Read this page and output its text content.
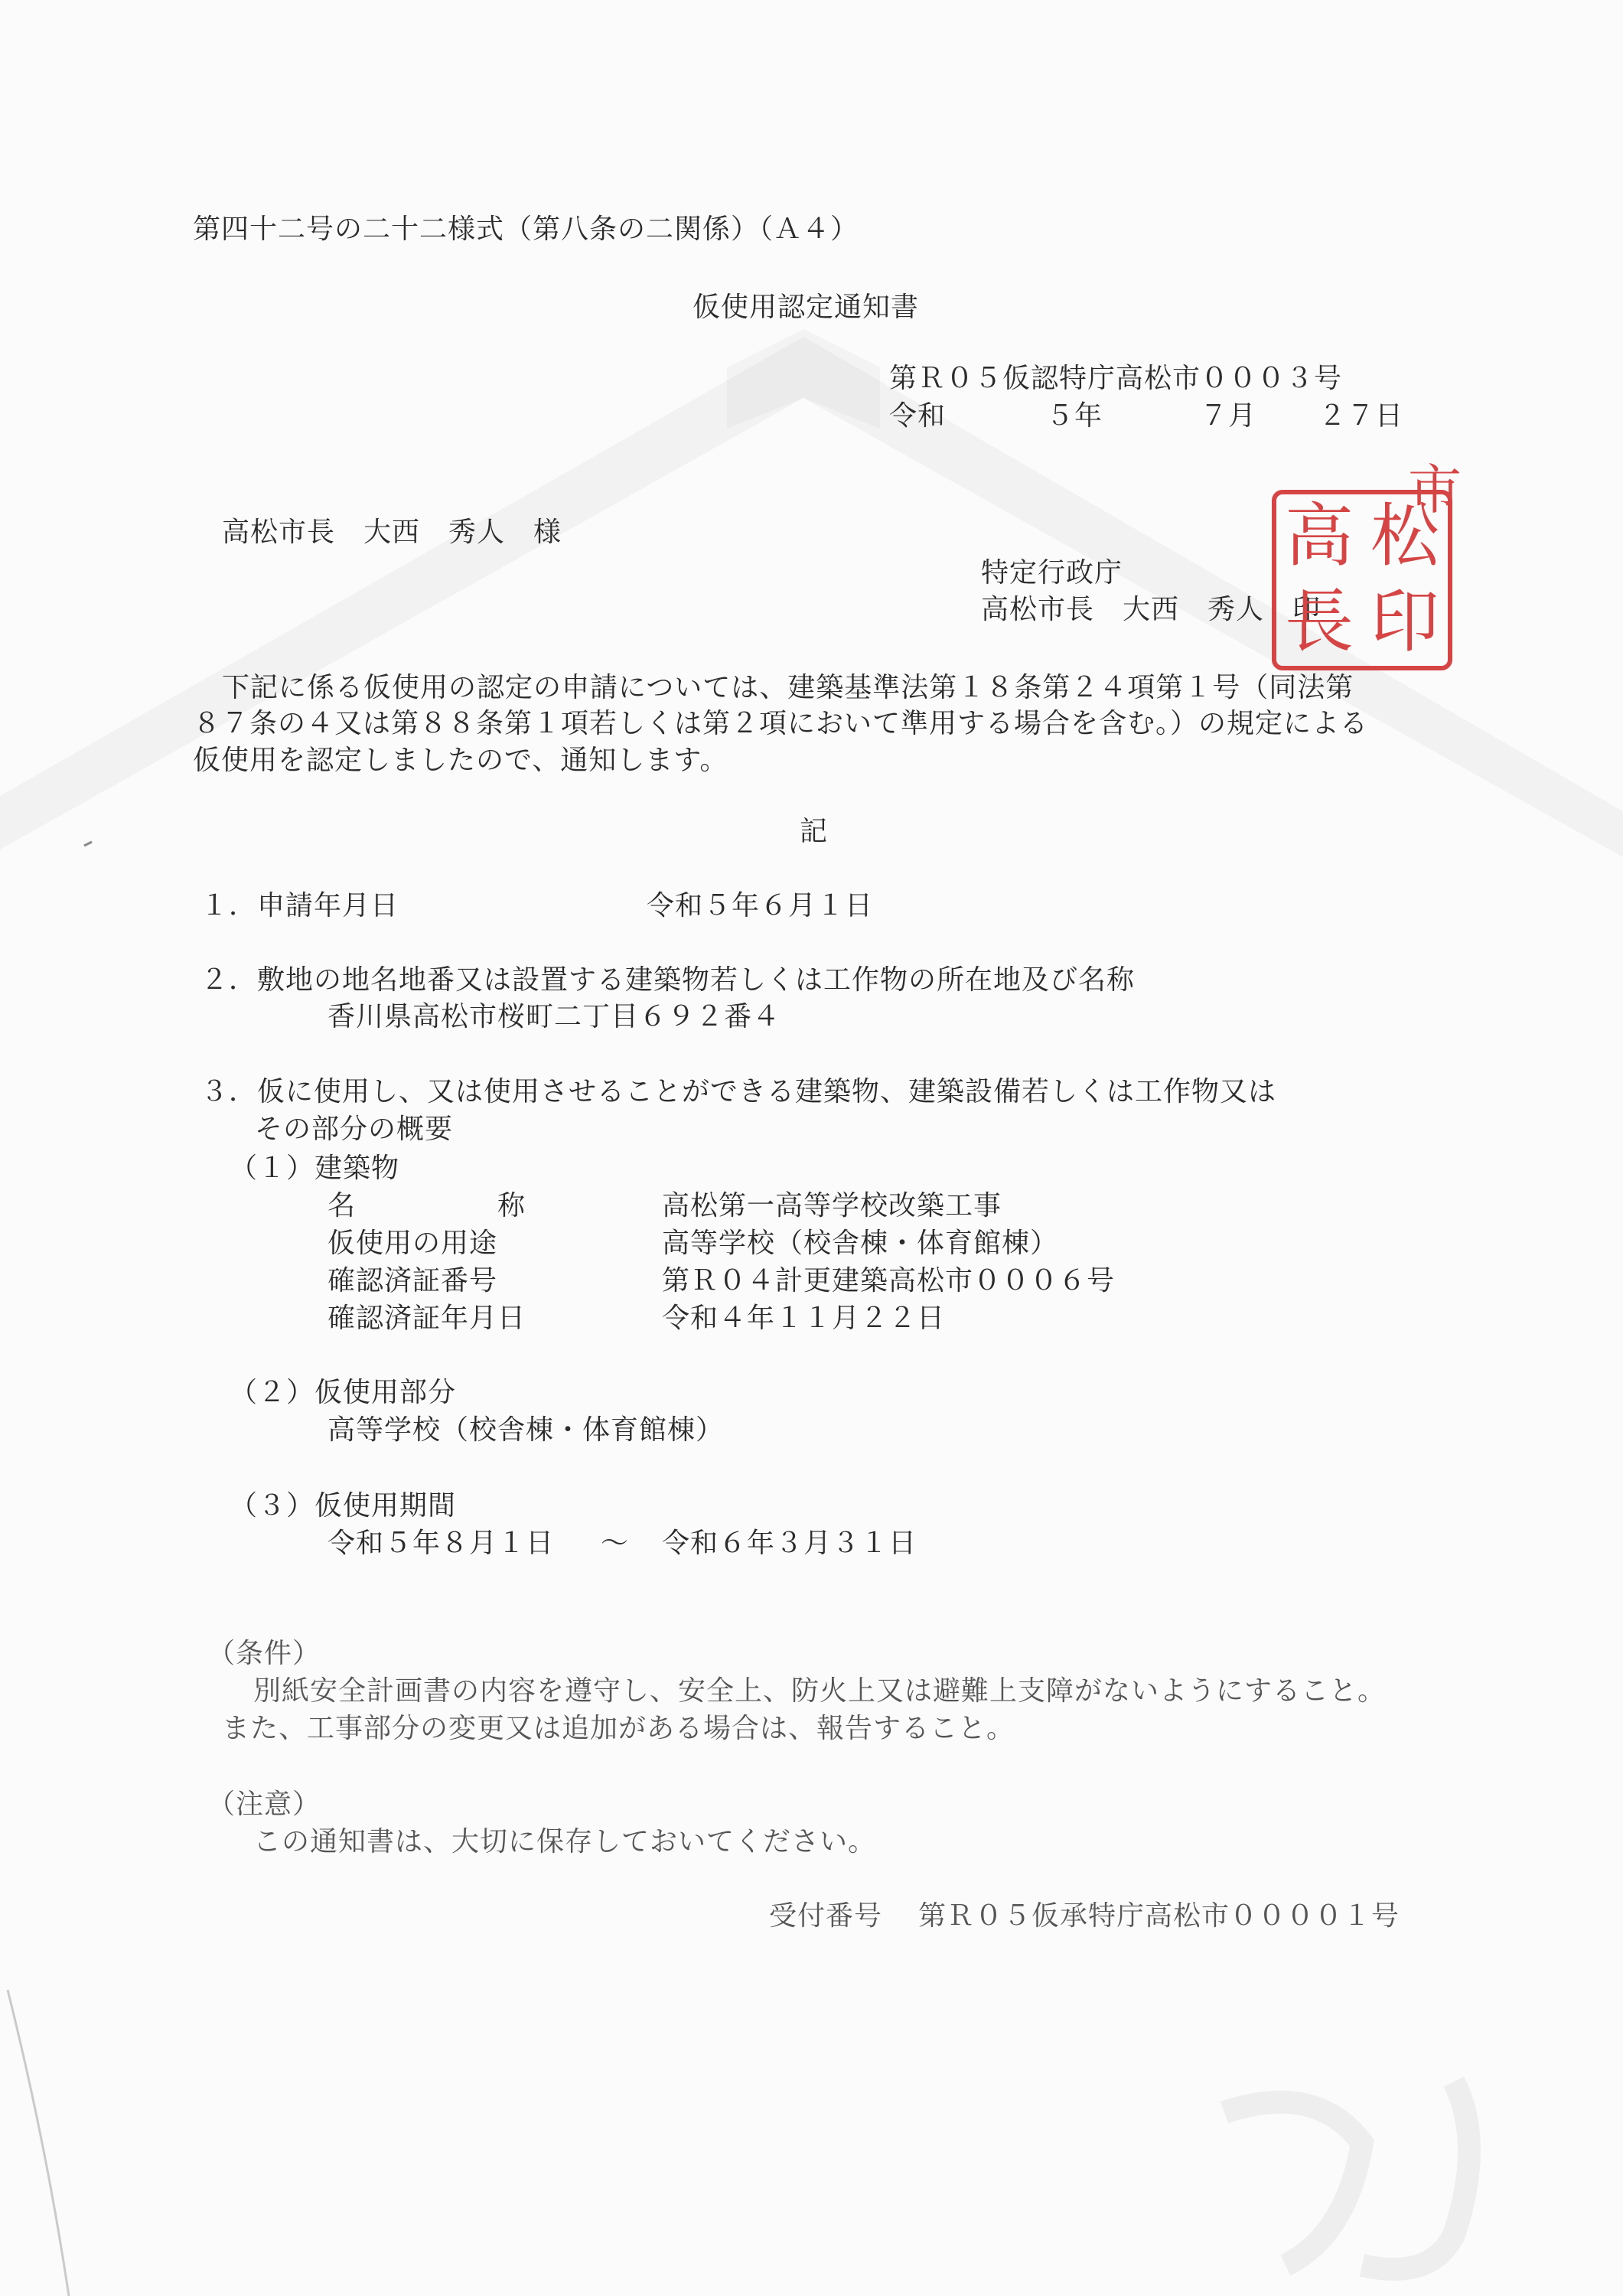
第四十二号の二十二様式（第八条の二関係）（Ａ４）
仮使用認定通知書
第Ｒ０５仮認特庁高松市０００３号
令和	５年	７月 ２７日
高松市長　大西　秀人　様
特定行政庁
高松市長　大西　秀人　印
高 松
長 印
市
下記に係る仮使用の認定の申請については、建築基準法第１８条第２４項第１号（同法第
８７条の４又は第８８条第１項若しくは第２項において準用する場合を含む。）の規定による
仮使用を認定しましたので、通知します。
記
１．申請年月日	令和５年６月１日
２．敷地の地名地番又は設置する建築物若しくは工作物の所在地及び名称
香川県高松市桜町二丁目６９２番４
３．仮に使用し、又は使用させることができる建築物、建築設備若しくは工作物又は
その部分の概要
（１）建築物
名　　　　　称	高松第一高等学校改築工事
仮使用の用途	高等学校（校舎棟・体育館棟）
確認済証番号	第Ｒ０４計更建築高松市０００６号
確認済証年月日	令和４年１１月２２日
（２）仮使用部分
高等学校（校舎棟・体育館棟）
（３）仮使用期間
令和５年８月１日 ～ 令和６年３月３１日
（条件）
別紙安全計画書の内容を遵守し、安全上、防火上又は避難上支障がないようにすること。
また、工事部分の変更又は追加がある場合は、報告すること。
（注意）
この通知書は、大切に保存しておいてください。
受付番号 第Ｒ０５仮承特庁高松市００００１号
